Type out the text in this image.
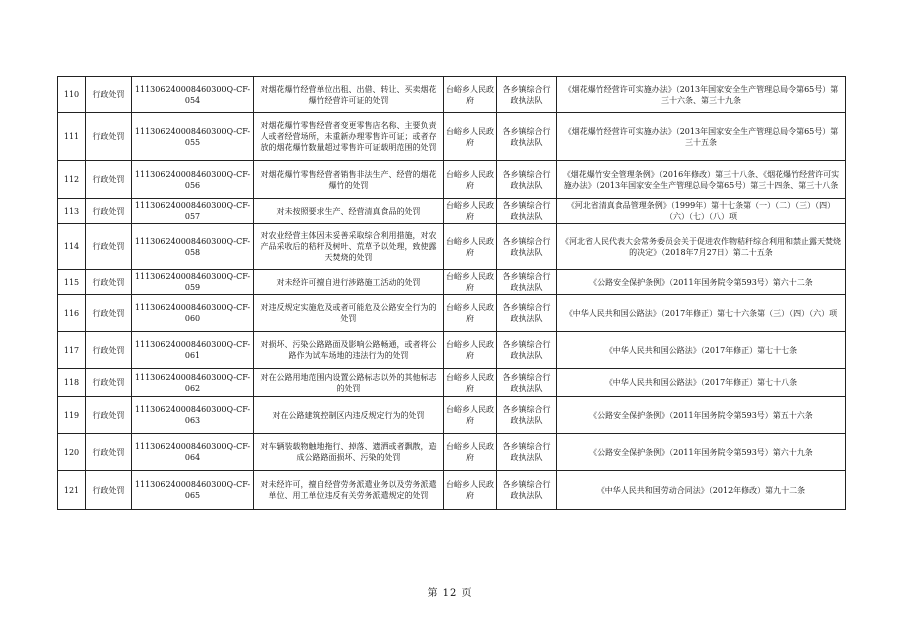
110	行政处罚	111306240008460300Q-CF-054	对烟花爆竹经营单位出租、出借、转让、买卖烟花爆竹经营许可证的处罚	台峪乡人民政府	各乡镇综合行政执法队	《烟花爆竹经营许可实施办法》（2013年国家安全生产管理总局令第65号）第三十六条、第三十九条
111	行政处罚	111306240008460300Q-CF-055	对烟花爆竹零售经营者变更零售店名称、主要负责人或者经营场所，未重新办理零售许可证；或者存放的烟花爆竹数量超过零售许可证载明范围的处罚	台峪乡人民政府	各乡镇综合行政执法队	《烟花爆竹经营许可实施办法》（2013年国家安全生产管理总局令第65号）第三十五条
112	行政处罚	111306240008460300Q-CF-056	对烟花爆竹零售经营者销售非法生产、经营的烟花爆竹的处罚	台峪乡人民政府	各乡镇综合行政执法队	《烟花爆竹安全管理条例》（2016年修改）第三十八条、《烟花爆竹经营许可实施办法》（2013年国家安全生产管理总局令第65号）第三十四条、第三十八条
113	行政处罚	111306240008460300Q-CF-057	对未按照要求生产、经营清真食品的处罚	台峪乡人民政府	各乡镇综合行政执法队	《河北省清真食品管理条例》（1999年）第十七条第（一）（二）（三）（四）（六）（七）（八）项
114	行政处罚	111306240008460300Q-CF-058	对农业经营主体因未妥善采取综合利用措施，对农产品采收后的秸秆及树叶、荒草予以处理，致使露天焚烧的处罚	台峪乡人民政府	各乡镇综合行政执法队	《河北省人民代表大会常务委员会关于促进农作物秸秆综合利用和禁止露天焚烧的决定》（2018年7月27日）第二十五条
115	行政处罚	111306240008460300Q-CF-059	对未经许可擅自进行涉路施工活动的处罚	台峪乡人民政府	各乡镇综合行政执法队	《公路安全保护条例》（2011年国务院令第593号）第六十二条
116	行政处罚	111306240008460300Q-CF-060	对违反规定实施危及或者可能危及公路安全行为的处罚	台峪乡人民政府	各乡镇综合行政执法队	《中华人民共和国公路法》（2017年修正）第七十六条第（三）（四）（六）项
117	行政处罚	111306240008460300Q-CF-061	对损坏、污染公路路面及影响公路畅通，或者将公路作为试车场地的违法行为的处罚	台峪乡人民政府	各乡镇综合行政执法队	《中华人民共和国公路法》（2017年修正）第七十七条
118	行政处罚	111306240008460300Q-CF-062	对在公路用地范围内设置公路标志以外的其他标志的处罚	台峪乡人民政府	各乡镇综合行政执法队	《中华人民共和国公路法》（2017年修正）第七十八条
119	行政处罚	111306240008460300Q-CF-063	对在公路建筑控制区内违反规定行为的处罚	台峪乡人民政府	各乡镇综合行政执法队	《公路安全保护条例》（2011年国务院令第593号）第五十六条
120	行政处罚	111306240008460300Q-CF-064	对车辆装载物触地拖行、掉落、遗洒或者飘散，造成公路路面损坏、污染的处罚	台峪乡人民政府	各乡镇综合行政执法队	《公路安全保护条例》（2011年国务院令第593号）第六十九条
121	行政处罚	111306240008460300Q-CF-065	对未经许可，擅自经营劳务派遣业务以及劳务派遣单位、用工单位违反有关劳务派遣规定的处罚	台峪乡人民政府	各乡镇综合行政执法队	《中华人民共和国劳动合同法》（2012年修改）第九十二条
第 12 页
